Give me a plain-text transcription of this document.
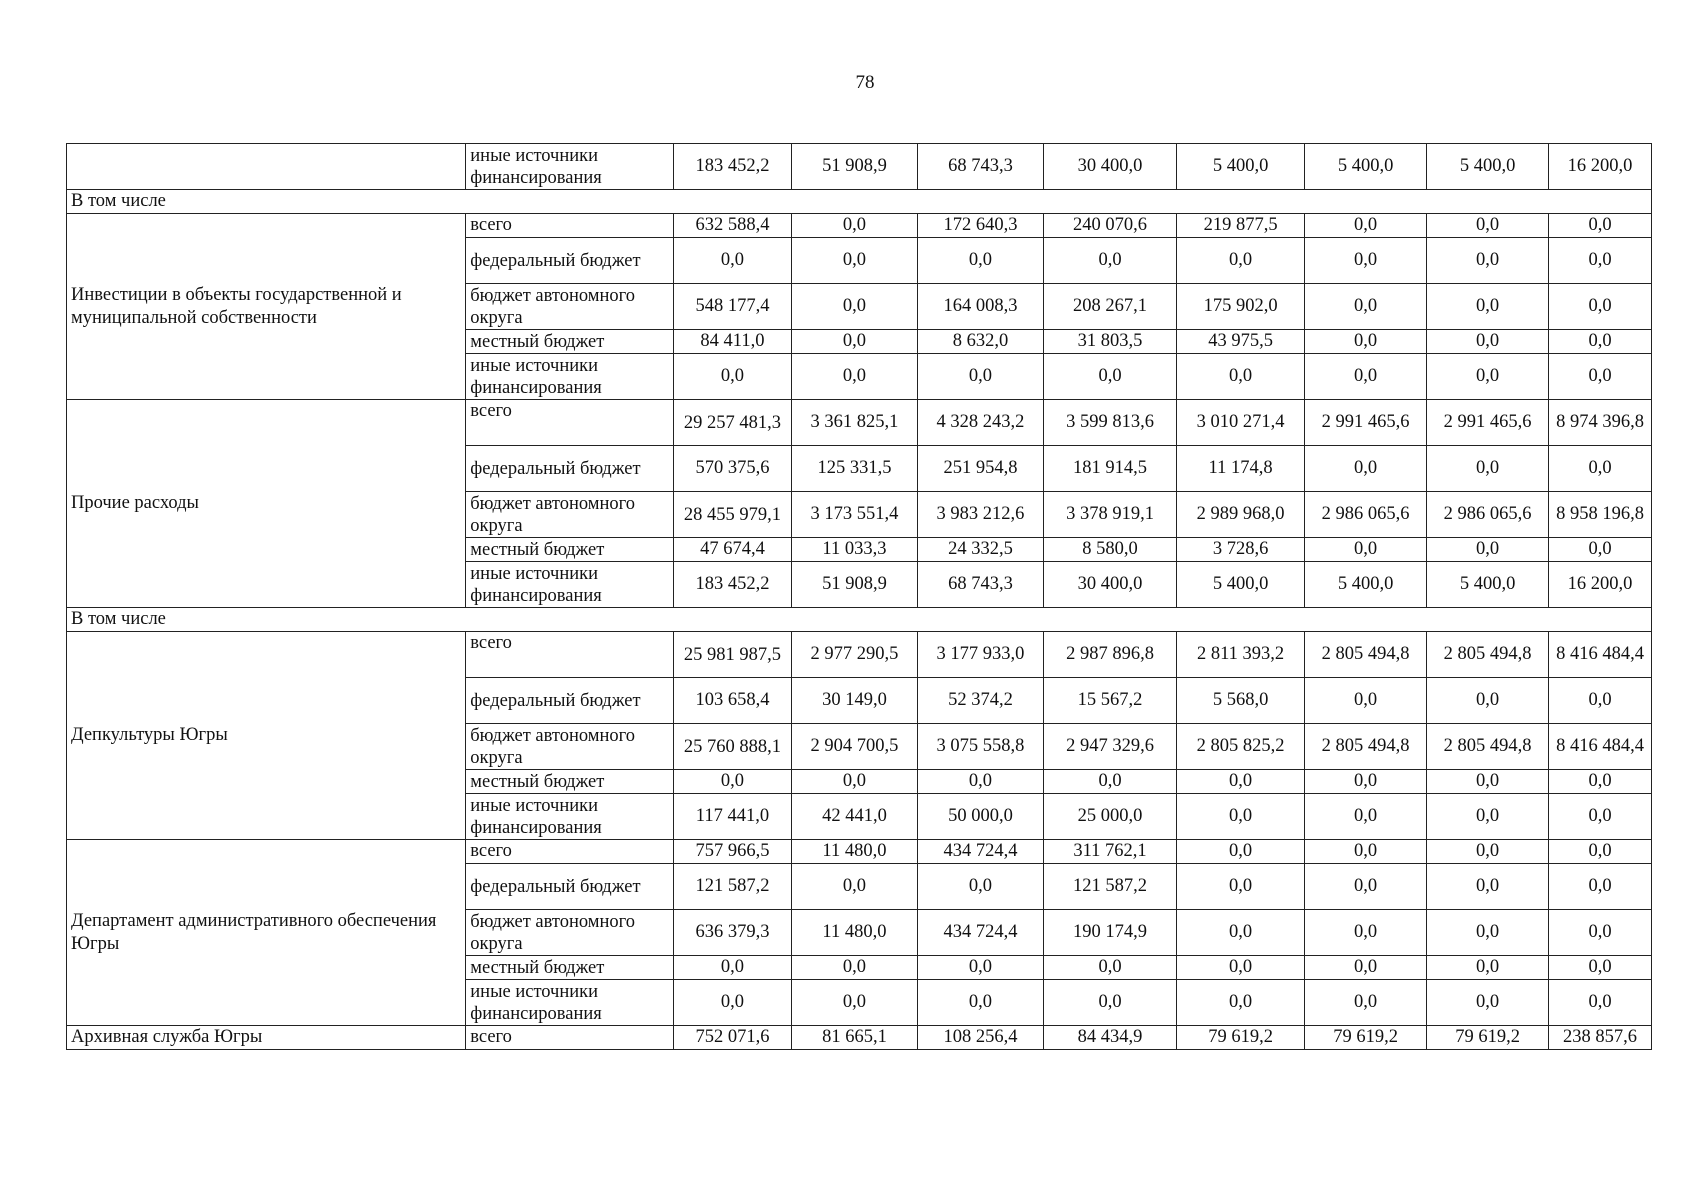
78
	иные источники финансирования	183 452,2	51 908,9	68 743,3	30 400,0	5 400,0	5 400,0	5 400,0	16 200,0
В том числе									
Инвестиции в объекты государственной и муниципальной собственности	всего	632 588,4	0,0	172 640,3	240 070,6	219 877,5	0,0	0,0	0,0
	федеральный бюджет	0,0	0,0	0,0	0,0	0,0	0,0	0,0	0,0
	бюджет автономного округа	548 177,4	0,0	164 008,3	208 267,1	175 902,0	0,0	0,0	0,0
	местный бюджет	84 411,0	0,0	8 632,0	31 803,5	43 975,5	0,0	0,0	0,0
	иные источники финансирования	0,0	0,0	0,0	0,0	0,0	0,0	0,0	0,0
Прочие расходы	всего	29 257 481,3	3 361 825,1	4 328 243,2	3 599 813,6	3 010 271,4	2 991 465,6	2 991 465,6	8 974 396,8
	федеральный бюджет	570 375,6	125 331,5	251 954,8	181 914,5	11 174,8	0,0	0,0	0,0
	бюджет автономного округа	28 455 979,1	3 173 551,4	3 983 212,6	3 378 919,1	2 989 968,0	2 986 065,6	2 986 065,6	8 958 196,8
	местный бюджет	47 674,4	11 033,3	24 332,5	8 580,0	3 728,6	0,0	0,0	0,0
	иные источники финансирования	183 452,2	51 908,9	68 743,3	30 400,0	5 400,0	5 400,0	5 400,0	16 200,0
В том числе									
Депкультуры Югры	всего	25 981 987,5	2 977 290,5	3 177 933,0	2 987 896,8	2 811 393,2	2 805 494,8	2 805 494,8	8 416 484,4
	федеральный бюджет	103 658,4	30 149,0	52 374,2	15 567,2	5 568,0	0,0	0,0	0,0
	бюджет автономного округа	25 760 888,1	2 904 700,5	3 075 558,8	2 947 329,6	2 805 825,2	2 805 494,8	2 805 494,8	8 416 484,4
	местный бюджет	0,0	0,0	0,0	0,0	0,0	0,0	0,0	0,0
	иные источники финансирования	117 441,0	42 441,0	50 000,0	25 000,0	0,0	0,0	0,0	0,0
Департамент административного обеспечения Югры	всего	757 966,5	11 480,0	434 724,4	311 762,1	0,0	0,0	0,0	0,0
	федеральный бюджет	121 587,2	0,0	0,0	121 587,2	0,0	0,0	0,0	0,0
	бюджет автономного округа	636 379,3	11 480,0	434 724,4	190 174,9	0,0	0,0	0,0	0,0
	местный бюджет	0,0	0,0	0,0	0,0	0,0	0,0	0,0	0,0
	иные источники финансирования	0,0	0,0	0,0	0,0	0,0	0,0	0,0	0,0
Архивная служба Югры	всего	752 071,6	81 665,1	108 256,4	84 434,9	79 619,2	79 619,2	79 619,2	238 857,6
